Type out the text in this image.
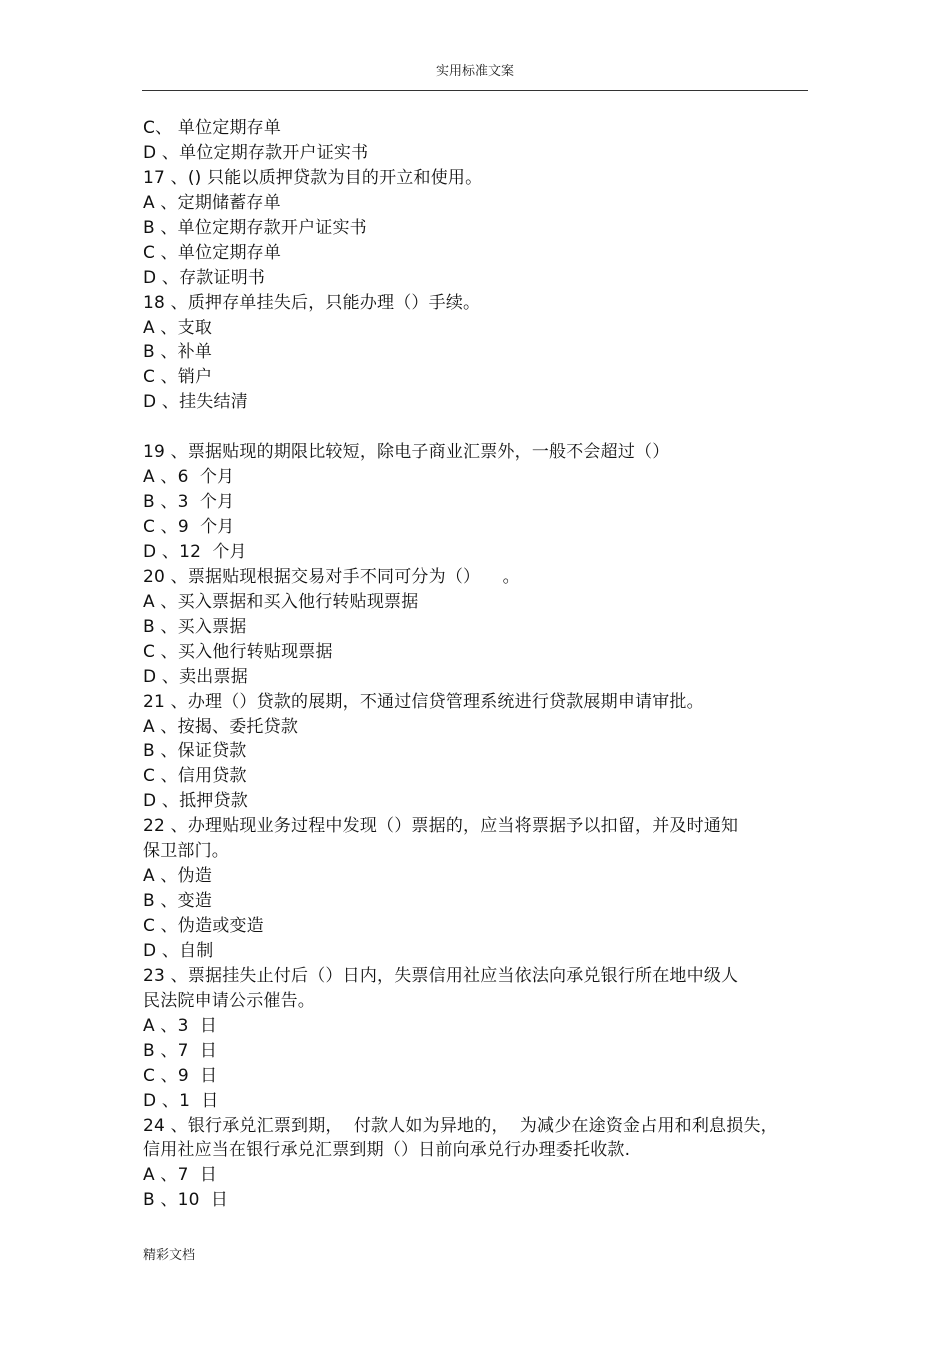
实用标准文案
C、 单位定期存单
D 、单位定期存款开户证实书
17 、() 只能以质押贷款为目的开立和使用。
A 、定期储蓄存单
B 、单位定期存款开户证实书
C 、单位定期存单
D 、存款证明书
18 、质押存单挂失后，只能办理（）手续。
A 、支取
B 、补单
C 、销户
D 、挂失结清
19 、票据贴现的期限比较短，除电子商业汇票外，一般不会超过（）
A 、6  个月
B 、3  个月
C 、9  个月
D 、12  个月
20 、票据贴现根据交易对手不同可分为（）    。
A 、买入票据和买入他行转贴现票据
B 、买入票据
C 、买入他行转贴现票据
D 、卖出票据
21 、办理（）贷款的展期，不通过信贷管理系统进行贷款展期申请审批。
A 、按揭、委托贷款
B 、保证贷款
C 、信用贷款
D 、抵押贷款
22 、办理贴现业务过程中发现（）票据的，应当将票据予以扣留，并及时通知
保卫部门。
A 、伪造
B 、变造
C 、伪造或变造
D 、自制
23 、票据挂失止付后（）日内，失票信用社应当依法向承兑银行所在地中级人
民法院申请公示催告。
A 、3  日
B 、7  日
C 、9  日
D 、1  日
24 、银行承兑汇票到期，  付款人如为异地的，  为减少在途资金占用和利息损失，
信用社应当在银行承兑汇票到期（）日前向承兑行办理委托收款.
A 、7  日
B 、10  日
精彩文档
